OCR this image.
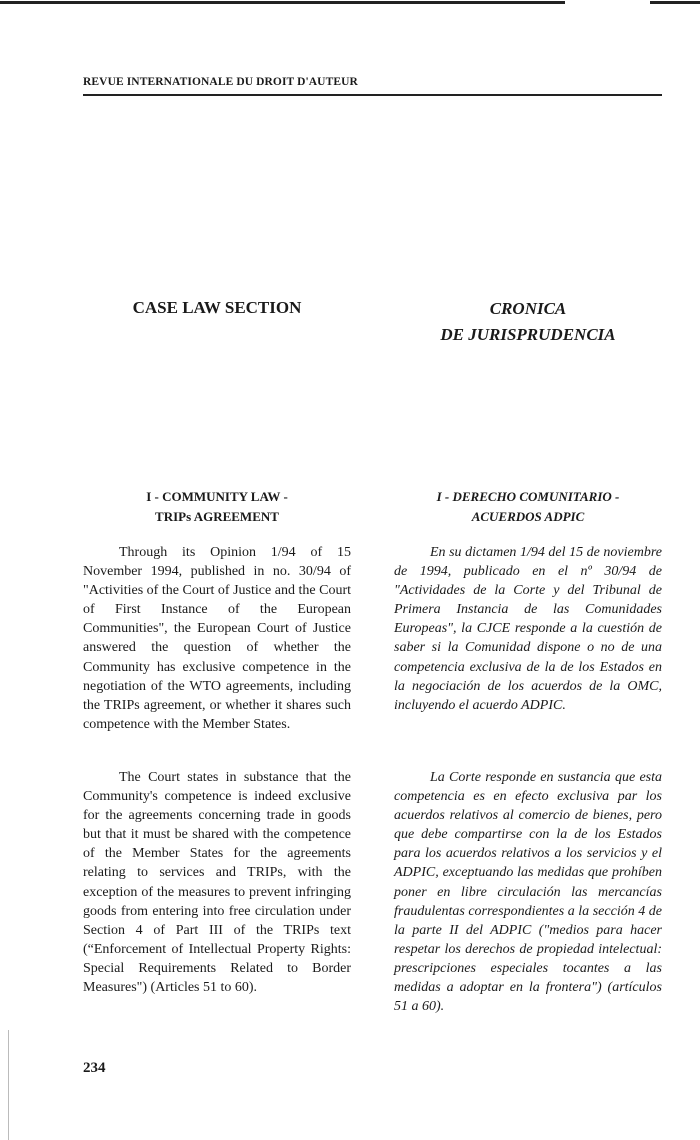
REVUE INTERNATIONALE DU DROIT D'AUTEUR
CASE LAW SECTION	CRONICA
DE JURISPRUDENCIA
I - COMMUNITY LAW -
TRIPs AGREEMENT
I - DERECHO COMUNITARIO -
ACUERDOS ADPIC

Through its Opinion 1/94 of 15 November 1994, published in no. 30/94 of "Activities of the Court of Justice and the Court of First Instance of the European Communities", the European Court of Justice answered the question of whether the Community has exclusive competence in the negotiation of the WTO agreements, including the TRIPs agreement, or whether it shares such competence with the Member States.

The Court states in substance that the Community's competence is indeed exclusive for the agreements concerning trade in goods but that it must be shared with the competence of the Member States for the agreements relating to services and TRIPs, with the exception of the measures to prevent infringing goods from entering into free circulation under Section 4 of Part III of the TRIPs text (“Enforcement of Intellectual Property Rights: Special Requirements Related to Border Measures") (Articles 51 to 60).

En su dictamen 1/94 del 15 de noviembre de 1994, publicado en el nº 30/94 de "Actividades de la Corte y del Tribunal de Primera Instancia de las Comunidades Europeas", la CJCE responde a la cuestión de saber si la Comunidad dispone o no de una competencia exclusiva de la de los Estados en la negociación de los acuerdos de la OMC, incluyendo el acuerdo ADPIC.

La Corte responde en sustancia que esta competencia es en efecto exclusiva par los acuerdos relativos al comercio de bienes, pero que debe compartirse con la de los Estados para los acuerdos relativos a los servicios y el ADPIC, exceptuando las medidas que prohíben poner en libre circulación las mercancías fraudulentas correspondientes a la sección 4 de la parte II del ADPIC ("medios para hacer respetar los derechos de propiedad intelectual: prescripciones especiales tocantes a las medidas a adoptar en la frontera") (artículos 51 a 60).

234
